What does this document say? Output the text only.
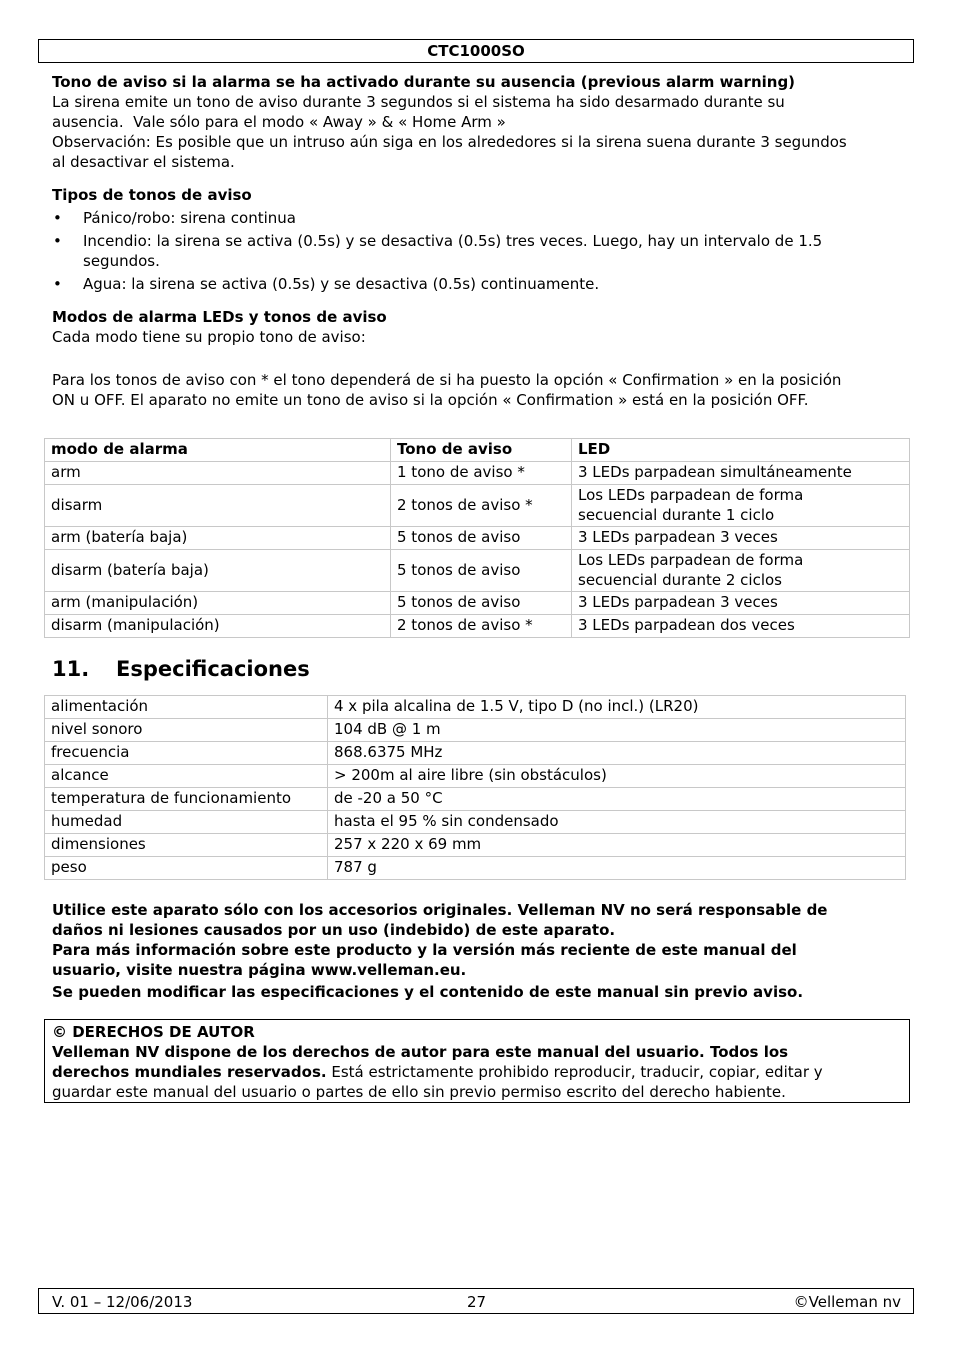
CTC1000SO

Tono de aviso si la alarma se ha activado durante su ausencia (previous alarm warning)

La sirena emite un tono de aviso durante 3 segundos si el sistema ha sido desarmado durante su

ausencia.  Vale sólo para el modo « Away » & « Home Arm »

Observación: Es posible que un intruso aún siga en los alrededores si la sirena suena durante 3 segundos

al desactivar el sistema.

Tipos de tonos de aviso

• Pánico/robo: sirena continua
• Incendio: la sirena se activa (0.5s) y se desactiva (0.5s) tres veces. Luego, hay un intervalo de 1.5
segundos.
• Agua: la sirena se activa (0.5s) y se desactiva (0.5s) continuamente.

Modos de alarma LEDs y tonos de aviso

Cada modo tiene su propio tono de aviso:

Para los tonos de aviso con * el tono dependerá de si ha puesto la opción « Confirmation » en la posición

ON u OFF. El aparato no emite un tono de aviso si la opción « Confirmation » está en la posición OFF.

modo de alarma	Tono de aviso	LED
arm	1 tono de aviso *	3 LEDs parpadean simultáneamente
disarm	2 tonos de aviso *	Los LEDs parpadean de forma
secuencial durante 1 ciclo

arm (batería baja)	5 tonos de aviso	3 LEDs parpadean 3 veces
disarm (batería baja)	5 tonos de aviso	Los LEDs parpadean de forma
secuencial durante 2 ciclos

arm (manipulación)	5 tonos de aviso	3 LEDs parpadean 3 veces
disarm (manipulación)	2 tonos de aviso *	3 LEDs parpadean dos veces
11. Especificaciones
alimentación	4 x pila alcalina de 1.5 V, tipo D (no incl.) (LR20)
nivel sonoro	104 dB @ 1 m
frecuencia	868.6375 MHz
alcance	> 200m al aire libre (sin obstáculos)
temperatura de funcionamiento	de -20 a 50 °C
humedad	hasta el 95 % sin condensado
dimensiones	257 x 220 x 69 mm
peso	787 g

Utilice este aparato sólo con los accesorios originales. Velleman NV no será responsable de

daños ni lesiones causados por un uso (indebido) de este aparato.

Para más información sobre este producto y la versión más reciente de este manual del

usuario, visite nuestra página www.velleman.eu.

Se pueden modificar las especificaciones y el contenido de este manual sin previo aviso.

© DERECHOS DE AUTOR

Velleman NV dispone de los derechos de autor para este manual del usuario. Todos los

derechos mundiales reservados. Está estrictamente prohibido reproducir, traducir, copiar, editar y

guardar este manual del usuario o partes de ello sin previo permiso escrito del derecho habiente.

V. 01 – 12/06/2013	27	©Velleman nv
